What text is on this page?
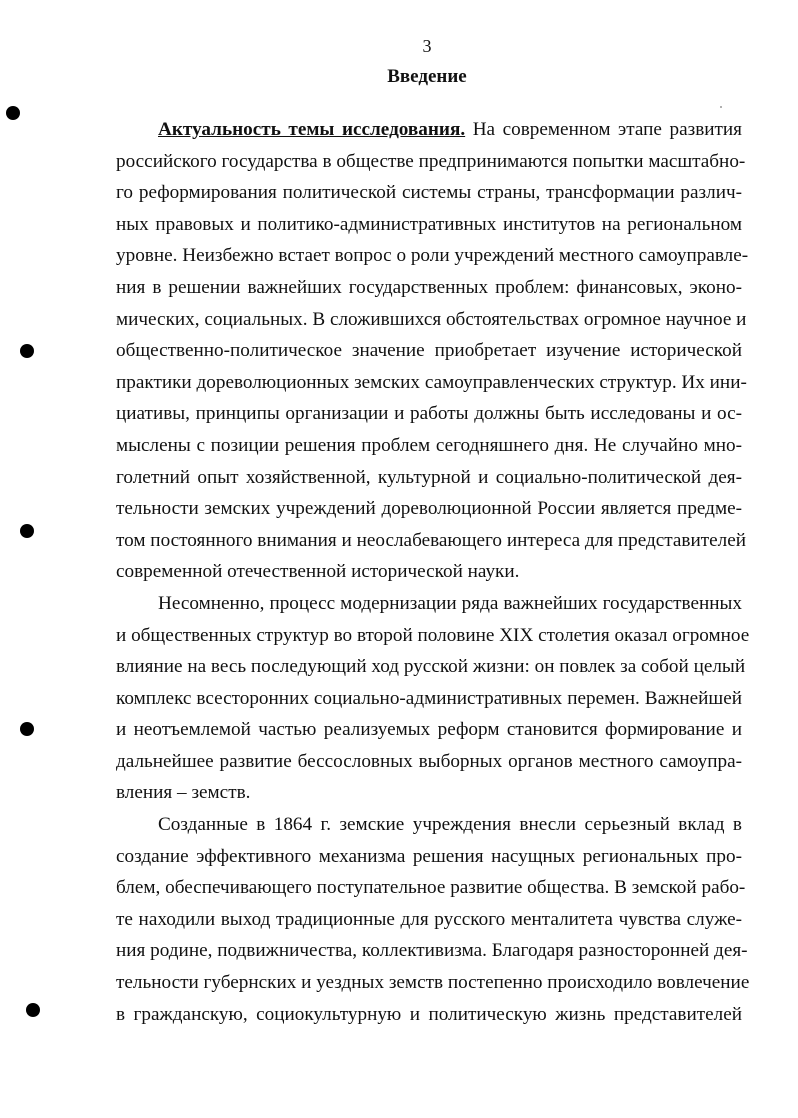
3
Введение
Актуальность темы исследования. На современном этапе развития
российского государства в обществе предпринимаются попытки масштабно-
го реформирования политической системы страны, трансформации различ-
ных правовых и политико-административных институтов на региональном
уровне. Неизбежно встает вопрос о роли учреждений местного самоуправле-
ния в решении важнейших государственных проблем: финансовых, эконо-
мических, социальных. В сложившихся обстоятельствах огромное научное и
общественно-политическое значение приобретает изучение исторической
практики дореволюционных земских самоуправленческих структур. Их ини-
циативы, принципы организации и работы должны быть исследованы и ос-
мыслены с позиции решения проблем сегодняшнего дня. Не случайно мно-
голетний опыт хозяйственной, культурной и социально-политической дея-
тельности земских учреждений дореволюционной России является предме-
том постоянного внимания и неослабевающего интереса для представителей
современной отечественной исторической науки.
Несомненно, процесс модернизации ряда важнейших государственных
и общественных структур во второй половине XIX столетия оказал огромное
влияние на весь последующий ход русской жизни: он повлек за собой целый
комплекс всесторонних социально-административных перемен. Важнейшей
и неотъемлемой частью реализуемых реформ становится формирование и
дальнейшее развитие бессословных выборных органов местного самоупра-
вления – земств.
Созданные в 1864 г. земские учреждения внесли серьезный вклад в
создание эффективного механизма решения насущных региональных про-
блем, обеспечивающего поступательное развитие общества. В земской рабо-
те находили выход традиционные для русского менталитета чувства служе-
ния родине, подвижничества, коллективизма. Благодаря разносторонней дея-
тельности губернских и уездных земств постепенно происходило вовлечение
в гражданскую, социокультурную и политическую жизнь представителей
